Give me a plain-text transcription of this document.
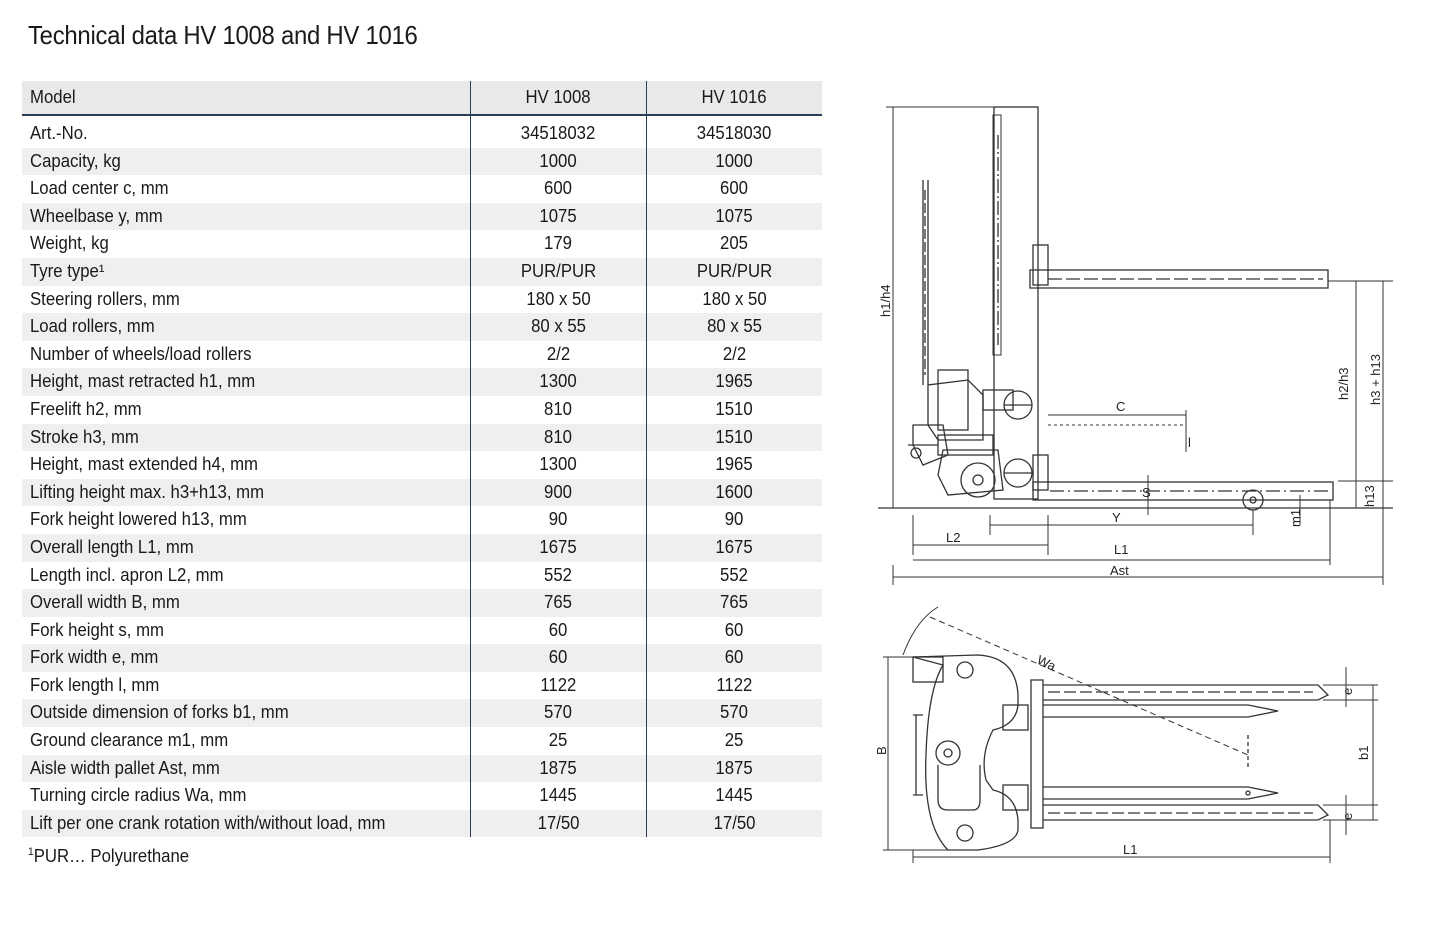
Technical data HV 1008 and HV 1016
Model	HV 1008	HV 1016

Art.-No.	34518032	34518030
Capacity, kg	1000	1000
Load center c, mm	600	600
Wheelbase y, mm	1075	1075
Weight, kg	179	205
Tyre type¹	PUR/PUR	PUR/PUR
Steering rollers, mm	180 x 50	180 x 50
Load rollers, mm	80 x 55	80 x 55
Number of wheels/load rollers	2/2	2/2
Height, mast retracted h1, mm	1300	1965
Freelift h2, mm	810	1510
Stroke h3, mm	810	1510
Height, mast extended h4, mm	1300	1965
Lifting height max. h3+h13, mm	900	1600
Fork height lowered h13, mm	90	90
Overall length L1, mm	1675	1675
Length incl. apron L2, mm	552	552
Overall width B, mm	765	765
Fork height s, mm	60	60
Fork width e, mm	60	60
Fork length l, mm	1122	1122
Outside dimension of forks b1, mm	570	570
Ground clearance m1, mm	25	25
Aisle width pallet Ast, mm	1875	1875
Turning circle radius Wa, mm	1445	1445
Lift per one crank rotation with/without load, mm	17/50	17/50
$^1$PUR… Polyurethane
h1/h4
h2/h3 h3 + h13
h13
C
l
S
Y	m1
L2
L1
Ast
Wa
B
e
b1
e
L1
